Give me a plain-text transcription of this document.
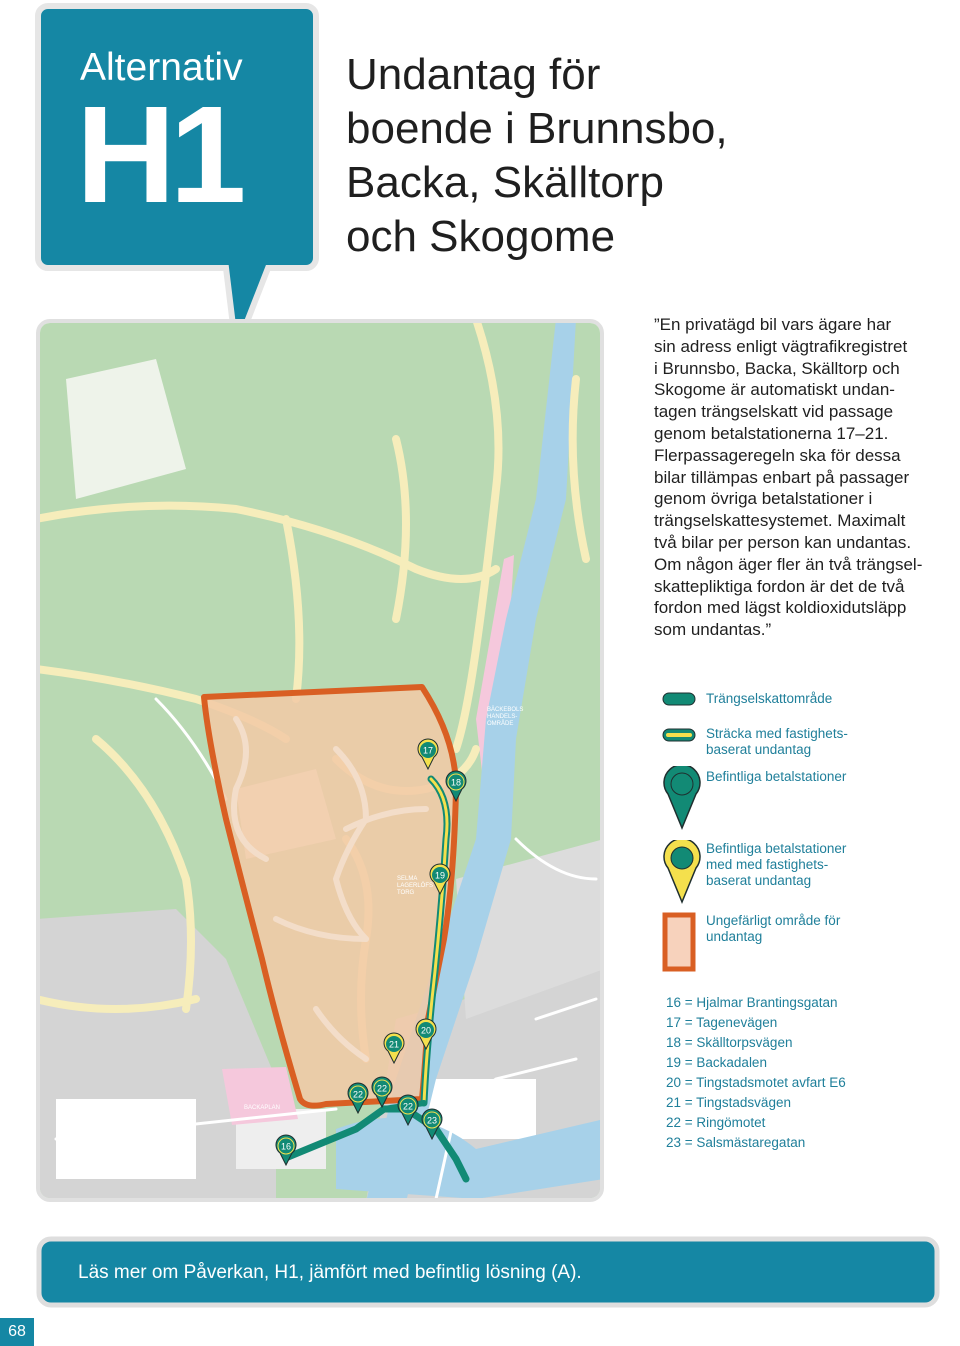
Alternativ
H1
Undantag för
boende i Brunnsbo,
Backa, Skälltorp
och Skogome
BÄCKEBOLS
HANDELS-
OMRÅDE
SELMA
LAGERLÖFS
TORG
BACKAPLAN
17
18
19
20
21
22
22
22
23
16
”En privatägd bil vars ägare har
sin adress enligt vägtrafikregistret
i Brunnsbo, Backa, Skälltorp och
Skogome är automatiskt undan-
tagen trängselskatt vid passage
genom betalstationerna 17–21.
Flerpassageregeln ska för dessa
bilar tillämpas enbart på passager
genom övriga betalstationer i
trängselskattesystemet. Maximalt
två bilar per person kan undantas.
Om någon äger fler än två trängsel-
skattepliktiga fordon är det de två
fordon med lägst koldioxidutsläpp
som undantas.”
Trängselskattområde
Sträcka med fastighets-
baserat undantag
Befintliga betalstationer
Befintliga betalstationer
med med fastighets-
baserat undantag
Ungefärligt område för
undantag
16 = Hjalmar Brantingsgatan
17 = Tagenevägen
18 = Skälltorpsvägen
19 = Backadalen
20 = Tingstadsmotet avfart E6
21 = Tingstadsvägen
22 = Ringömotet
23 = Salsmästaregatan
Läs mer om Påverkan, H1, jämfört med befintlig lösning (A).
68
